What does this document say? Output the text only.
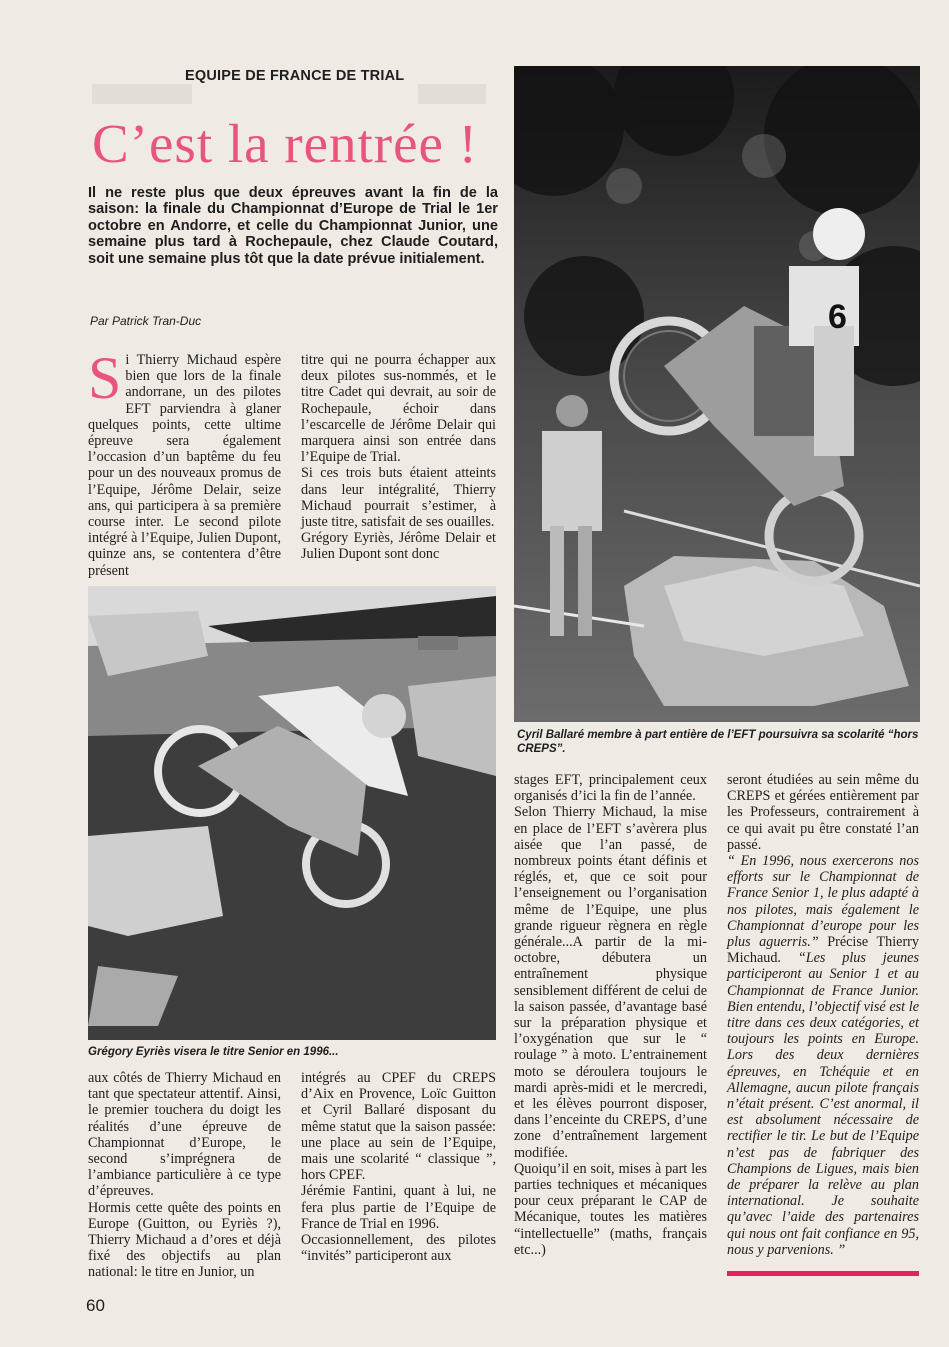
EQUIPE DE FRANCE DE TRIAL
C’est la rentrée !
Il ne reste plus que deux épreuves avant la fin de la saison: la finale du Championnat d’Europe de Trial le 1er octobre en Andorre, et celle du Championnat Junior, une semaine plus tard à Rochepaule, chez Claude Coutard, soit une semaine plus tôt que la date prévue initialement.
Par Patrick Tran-Duc
S i Thierry Michaud espère bien que lors de la finale andorrane, un des pilotes EFT parviendra à glaner quelques points, cette ultime épreuve sera également l’occasion d’un baptême du feu pour un des nouveaux promus de l’Equipe, Jérôme Delair, seize ans, qui participera à sa première course inter. Le second pilote intégré à l’Equipe, Julien Dupont, quinze ans, se contentera d’être présent
titre qui ne pourra échapper aux deux pilotes sus-nommés, et le titre Cadet qui devrait, au soir de Rochepaule, échoir dans l’escarcelle de Jérôme Delair qui marquera ainsi son entrée dans l’Equipe de Trial.
Si ces trois buts étaient atteints dans leur intégralité, Thierry Michaud pourrait s’estimer, à juste titre, satisfait de ses ouailles.
Grégory Eyriès, Jérôme Delair et Julien Dupont sont donc
6
Cyril Ballaré membre à part entière de l’EFT poursuivra sa scolarité “hors CREPS”.
Grégory Eyriès visera le titre Senior en 1996...
aux côtés de Thierry Michaud en tant que spectateur attentif. Ainsi, le premier touchera du doigt les réalités d’une épreuve de Championnat d’Europe, le second s’imprégnera de l’ambiance particulière à ce type d’épreuves.
Hormis cette quête des points en Europe (Guitton, ou Eyriès ?), Thierry Michaud a d’ores et déjà fixé des objectifs au plan national: le titre en Junior, un
intégrés au CPEF du CREPS d’Aix en Provence, Loïc Guitton et Cyril Ballaré disposant du même statut que la saison passée: une place au sein de l’Equipe, mais une scolarité “ classique ”, hors CPEF.
Jérémie Fantini, quant à lui, ne fera plus partie de l’Equipe de France de Trial en 1996.
Occasionnellement, des pilotes “invités” participeront aux
stages EFT, principalement ceux organisés d’ici la fin de l’année.
Selon Thierry Michaud, la mise en place de l’EFT s’avèrera plus aisée que l’an passé, de nombreux points étant définis et réglés, et, que ce soit pour l’enseignement ou l’organisation même de l’Equipe, une plus grande rigueur règnera en règle générale...A partir de la mi-octobre, débutera un entraînement physique sensiblement différent de celui de la saison passée, d’avantage basé sur la préparation physique et l’oxygénation que sur le “ roulage ” à moto. L’entrainement moto se déroulera toujours le mardi après-midi et le mercredi, et les élèves pourront disposer, dans l’enceinte du CREPS, d’une zone d’entraînement largement modifiée.
Quoiqu’il en soit, mises à part les parties techniques et mécaniques pour ceux préparant le CAP de Mécanique, toutes les matières “intellectuelle” (maths, français etc...)
seront étudiées au sein même du CREPS et gérées entièrement par les Professeurs, contrairement à ce qui avait pu être constaté l’an passé.
“ En 1996, nous exercerons nos efforts sur le Championnat de France Senior 1, le plus adapté à nos pilotes, mais également le Championnat d’europe pour les plus aguerris.” Précise Thierry Michaud. “Les plus jeunes participeront au Senior 1 et au Championnat de France Junior. Bien entendu, l’objectif visé est le titre dans ces deux catégories, et toujours les points en Europe. Lors des deux dernières épreuves, en Tchéquie et en Allemagne, aucun pilote français n’était présent. C’est anormal, il est absolument nécessaire de rectifier le tir. Le but de l’Equipe n’est pas de fabriquer des Champions de Ligues, mais bien de préparer la relève au plan international. Je souhaite qu’avec l’aide des partenaires qui nous ont fait confiance en 95, nous y parvenions. ”
60
